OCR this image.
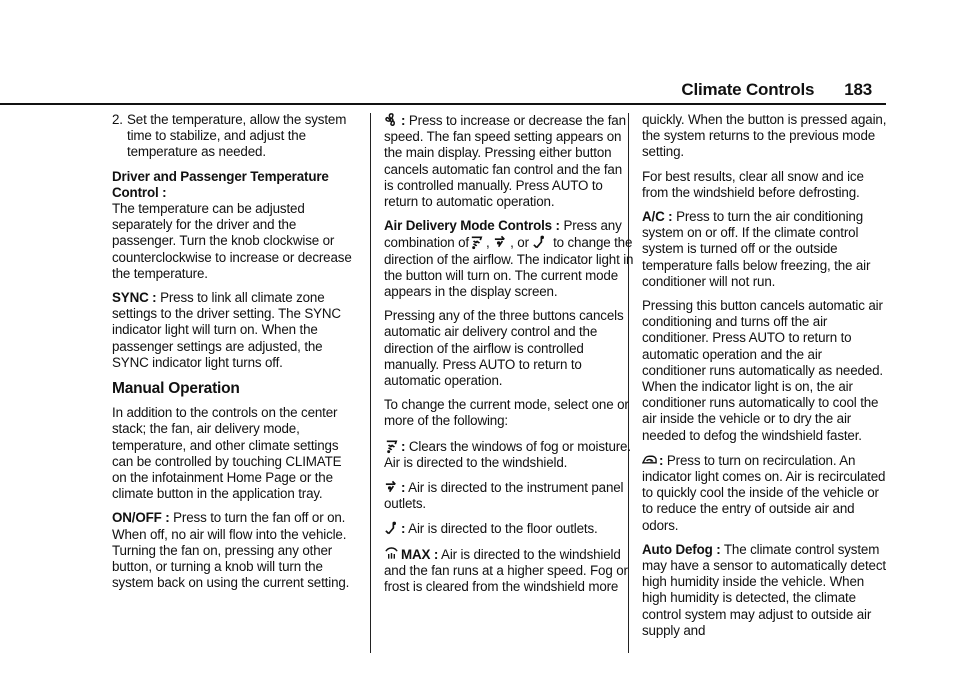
Climate Controls 183

2. Set the temperature, allow the system time to stabilize, and adjust the temperature as needed.

Driver and Passenger Temperature Control :
The temperature can be adjusted separately for the driver and the passenger. Turn the knob clockwise or counterclockwise to increase or decrease the temperature.

SYNC : Press to link all climate zone settings to the driver setting. The SYNC indicator light will turn on. When the passenger settings are adjusted, the SYNC indicator light turns off.

Manual Operation

In addition to the controls on the center stack; the fan, air delivery mode, temperature, and other climate settings can be controlled by touching CLIMATE on the infotainment Home Page or the climate button in the application tray.

ON/OFF : Press to turn the fan off or on. When off, no air will flow into the vehicle. Turning the fan on, pressing any other button, or turning a knob will turn the system back on using the current setting.

: Press to increase or decrease the fan speed. The fan speed setting appears on the main display. Pressing either button cancels automatic fan control and the fan is controlled manually. Press AUTO to return to automatic operation.

Air Delivery Mode Controls : Press any combination of , , or to change the direction of the airflow. The indicator light in the button will turn on. The current mode appears in the display screen.

Pressing any of the three buttons cancels automatic air delivery control and the direction of the airflow is controlled manually. Press AUTO to return to automatic operation.

To change the current mode, select one or more of the following:

: Clears the windows of fog or moisture. Air is directed to the windshield.

: Air is directed to the instrument panel outlets.

: Air is directed to the floor outlets.

MAX : Air is directed to the windshield and the fan runs at a higher speed. Fog or frost is cleared from the windshield more

quickly. When the button is pressed again, the system returns to the previous mode setting.

For best results, clear all snow and ice from the windshield before defrosting.

A/C : Press to turn the air conditioning system on or off. If the climate control system is turned off or the outside temperature falls below freezing, the air conditioner will not run.

Pressing this button cancels automatic air conditioning and turns off the air conditioner. Press AUTO to return to automatic operation and the air conditioner runs automatically as needed. When the indicator light is on, the air conditioner runs automatically to cool the air inside the vehicle or to dry the air needed to defog the windshield faster.

: Press to turn on recirculation. An indicator light comes on. Air is recirculated to quickly cool the inside of the vehicle or to reduce the entry of outside air and odors.

Auto Defog : The climate control system may have a sensor to automatically detect high humidity inside the vehicle. When high humidity is detected, the climate control system may adjust to outside air supply and
